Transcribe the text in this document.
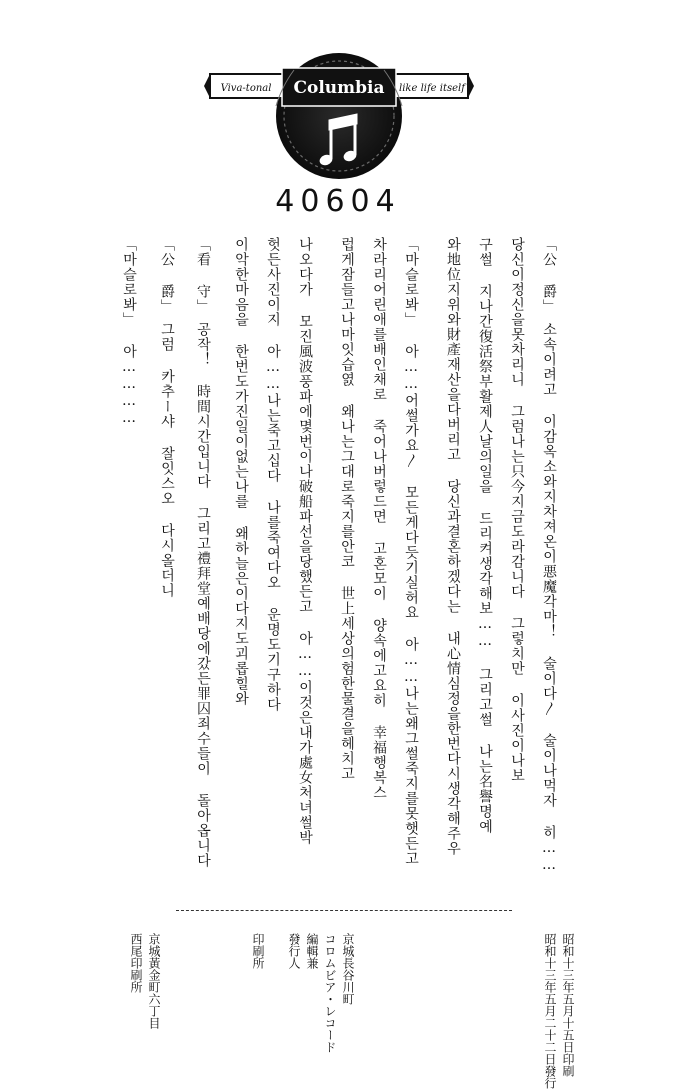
Columbia
Viva-tonal	like life itself
40604
「公 爵」　소속이려고 이감옥소와지차져온이悪魔각마！ 술이다〳 술이나먹자 히……
당신이정신을못차리니 그럼나는只今지금도라감니다 그렇치만 이사진이나보
구썰 지나간復活祭부활제人날의일을 드리켜생각해보…… 그리고썰 나는名譽명예
와地位지위와財產재산을다버리고 당신과결혼하겠다는 내心情심정을한번다시생각해주우
「마슬로봐」 아……어썰가요〳 모든게다듯기실허요 아……나는왜그썰죽지를못햇든고
차라리어린애를배인채로 죽어나버렇드면 고혼모이 양속에고요히 幸福행복스
럽게잠들고나마잇습엸 왜나는그대로죽지를안코 世上세상의험한물결을헤치고
나오다가 모진風波풍파에몇번이나破船파선을당했든고 아……이것은내가處女처녀썰박
헛든사진이지 아……나는죽고십다 나를죽여다오 운명도기구하다
이악한마음을 한번도가진일이없는나를 왜하늘은이다지도괴롭힐와
「看 守」　공작！ 時間시간입니다 그리고禮拜堂예배당에갔든罪囚죄수들이 돌아옵니다
「公 爵」　그럼 카추ー샤 잘잇스오 다시올더니
「마슬로봐」 아…………
昭和十三年五月十五日印刷
昭和十三年五月二十二日發行
京城長谷川町
コロムビア・レコード
編輯兼
發行人
印刷所
京城黃金町六丁目
西尾印刷所
